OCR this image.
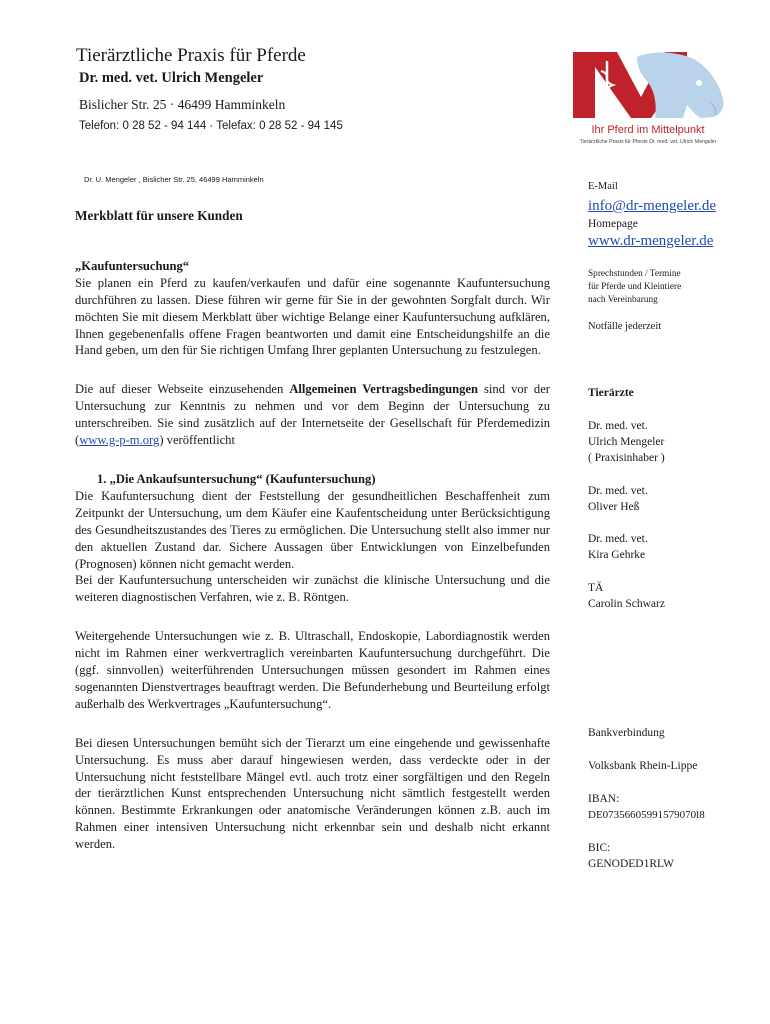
Tierärztliche Praxis für Pferde
Dr. med. vet. Ulrich Mengeler
Bislicher Str. 25 · 46499 Hamminkeln
Telefon: 0 28 52 - 94 144 · Telefax: 0 28 52 - 94 145
Dr. U. Mengeler , Bislicher Str. 25, 46499 Hamminkeln
Ihr Pferd im Mittelpunkt
Tierärztliche Praxis für Pferde Dr. med. vet. Ulrich Mengeler
Merkblatt für unsere Kunden
„Kaufuntersuchung“

Sie planen ein Pferd zu kaufen/verkaufen und dafür eine sogenannte Kaufuntersuchung durchführen zu lassen. Diese führen wir gerne für Sie in der gewohnten Sorgfalt durch. Wir möchten Sie mit diesem Merkblatt über wichtige Belange einer Kaufuntersuchung aufklären, Ihnen gegebenenfalls offene Fragen beantworten und damit eine Entscheidungshilfe an die Hand geben, um den für Sie richtigen Umfang Ihrer geplanten Untersuchung zu festzulegen.

Die auf dieser Webseite einzusehenden Allgemeinen Vertragsbedingungen sind vor der Untersuchung zur Kenntnis zu nehmen und vor dem Beginn der Untersuchung zu unterschreiben. Sie sind zusätzlich auf der Internetseite der Gesellschaft für Pferdemedizin (www.g-p-m.org) veröffentlicht

1. „Die Ankaufsuntersuchung“ (Kaufuntersuchung)

Die Kaufuntersuchung dient der Feststellung der gesundheitlichen Beschaffenheit zum Zeitpunkt der Untersuchung, um dem Käufer eine Kaufentscheidung unter Berücksichtigung des Gesundheitszustandes des Tieres zu ermöglichen. Die Untersuchung stellt also immer nur den aktuellen Zustand dar. Sichere Aussagen über Entwicklungen von Einzelbefunden (Prognosen) können nicht gemacht werden.

Bei der Kaufuntersuchung unterscheiden wir zunächst die klinische Untersuchung und die weiteren diagnostischen Verfahren, wie z. B. Röntgen.

Weitergehende Untersuchungen wie z. B. Ultraschall, Endoskopie, Labordiagnostik werden nicht im Rahmen einer werkvertraglich vereinbarten Kaufuntersuchung durchgeführt. Die (ggf. sinnvollen) weiterführenden Untersuchungen müssen gesondert im Rahmen eines sogenannten Dienstvertrages beauftragt werden. Die Befunderhebung und Beurteilung erfolgt außerhalb des Werkvertrages „Kaufuntersuchung“.

Bei diesen Untersuchungen bemüht sich der Tierarzt um eine eingehende und gewissenhafte Untersuchung. Es muss aber darauf hingewiesen werden, dass verdeckte oder in der Untersuchung nicht feststellbare Mängel evtl. auch trotz einer sorgfältigen und den Regeln der tierärztlichen Kunst entsprechenden Untersuchung nicht sämtlich festgestellt werden können. Bestimmte Erkrankungen oder anatomische Veränderungen können z.B. auch im Rahmen einer intensiven Untersuchung nicht erkennbar sein und deshalb nicht erkannt werden.

E-Mail
info@dr-mengeler.de
Homepage
www.dr-mengeler.de
Sprechstunden / Termine
für Pferde und Kleintiere
nach Vereinbarung
Notfälle jederzeit
Tierärzte
Dr. med. vet.
Ulrich Mengeler
( Praxisinhaber )
Dr. med. vet.
Oliver Heß
Dr. med. vet.
Kira Gehrke
TÄ
Carolin Schwarz
Bankverbindung
Volksbank Rhein-Lippe
IBAN:
DE07356605991579070l8
BIC:
GENODED1RLW
